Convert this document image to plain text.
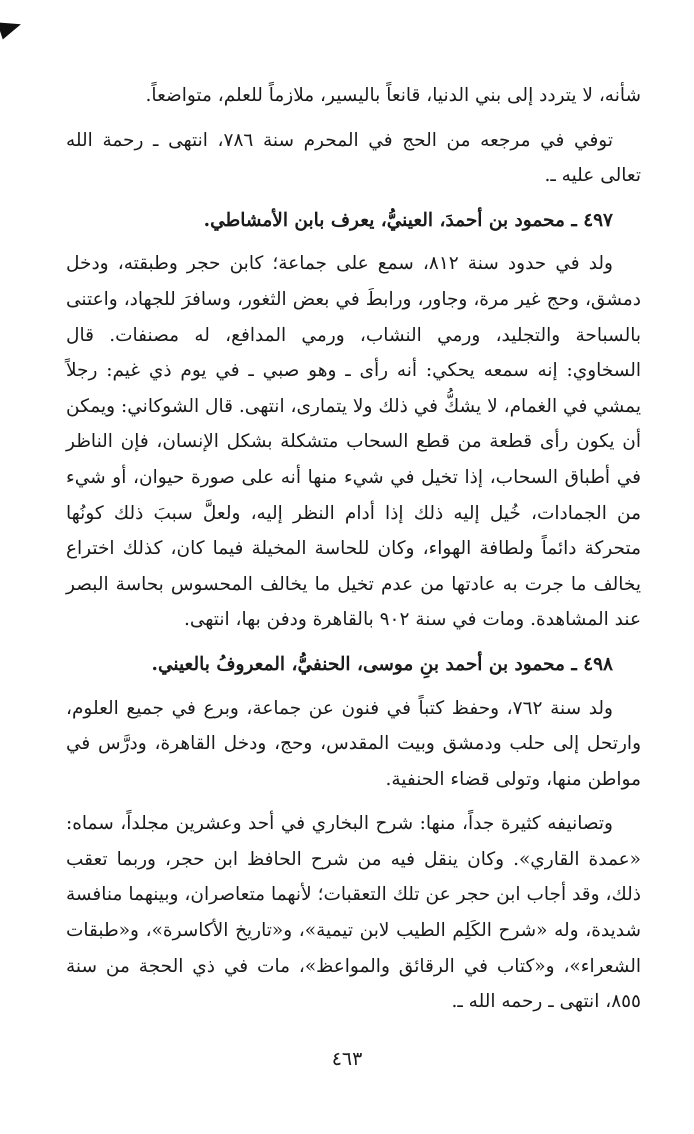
شأنه، لا يتردد إلى بني الدنيا، قانعاً باليسير، ملازماً للعلم، متواضعاً.

توفي في مرجعه من الحج في المحرم سنة ٧٨٦، انتهى ـ رحمة الله تعالى عليه ـ.

٤٩٧ ـ محمود بن أحمدَ، العينيُّ، يعرف بابن الأمشاطي.

ولد في حدود سنة ٨١٢، سمع على جماعة؛ كابن حجر وطبقته، ودخل دمشق، وحج غير مرة، وجاور، ورابطَ في بعض الثغور، وسافرَ للجهاد، واعتنى بالسباحة والتجليد، ورمي النشاب، ورمي المدافع، له مصنفات. قال السخاوي: إنه سمعه يحكي: أنه رأى ـ وهو صبي ـ في يوم ذي غيم: رجلاً يمشي في الغمام، لا يشكُّ في ذلك ولا يتمارى، انتهى. قال الشوكاني: ويمكن أن يكون رأى قطعة من قطع السحاب متشكلة بشكل الإنسان، فإن الناظر في أطباق السحاب، إذا تخيل في شيء منها أنه على صورة حيوان، أو شيء من الجمادات، خُيل إليه ذلك إذا أدام النظر إليه، ولعلَّ سببَ ذلك كونُها متحركة دائماً ولطافة الهواء، وكان للحاسة المخيلة فيما كان، كذلك اختراع يخالف ما جرت به عادتها من عدم تخيل ما يخالف المحسوس بحاسة البصر عند المشاهدة. ومات في سنة ٩٠٢ بالقاهرة ودفن بها، انتهى.

٤٩٨ ـ محمود بن أحمد بنِ موسى، الحنفيُّ، المعروفُ بالعيني.

ولد سنة ٧٦٢، وحفظ كتباً في فنون عن جماعة، وبرع في جميع العلوم، وارتحل إلى حلب ودمشق وبيت المقدس، وحج، ودخل القاهرة، ودرَّس في مواطن منها، وتولى قضاء الحنفية.

وتصانيفه كثيرة جداً، منها: شرح البخاري في أحد وعشرين مجلداً، سماه: «عمدة القاري». وكان ينقل فيه من شرح الحافظ ابن حجر، وربما تعقب ذلك، وقد أجاب ابن حجر عن تلك التعقبات؛ لأنهما متعاصران، وبينهما منافسة شديدة، وله «شرح الكَلِم الطيب لابن تيمية»، و«تاريخ الأكاسرة»، و«طبقات الشعراء»، و«كتاب في الرقائق والمواعظ»، مات في ذي الحجة من سنة ٨٥٥، انتهى ـ رحمه الله ـ.

٤٦٣
